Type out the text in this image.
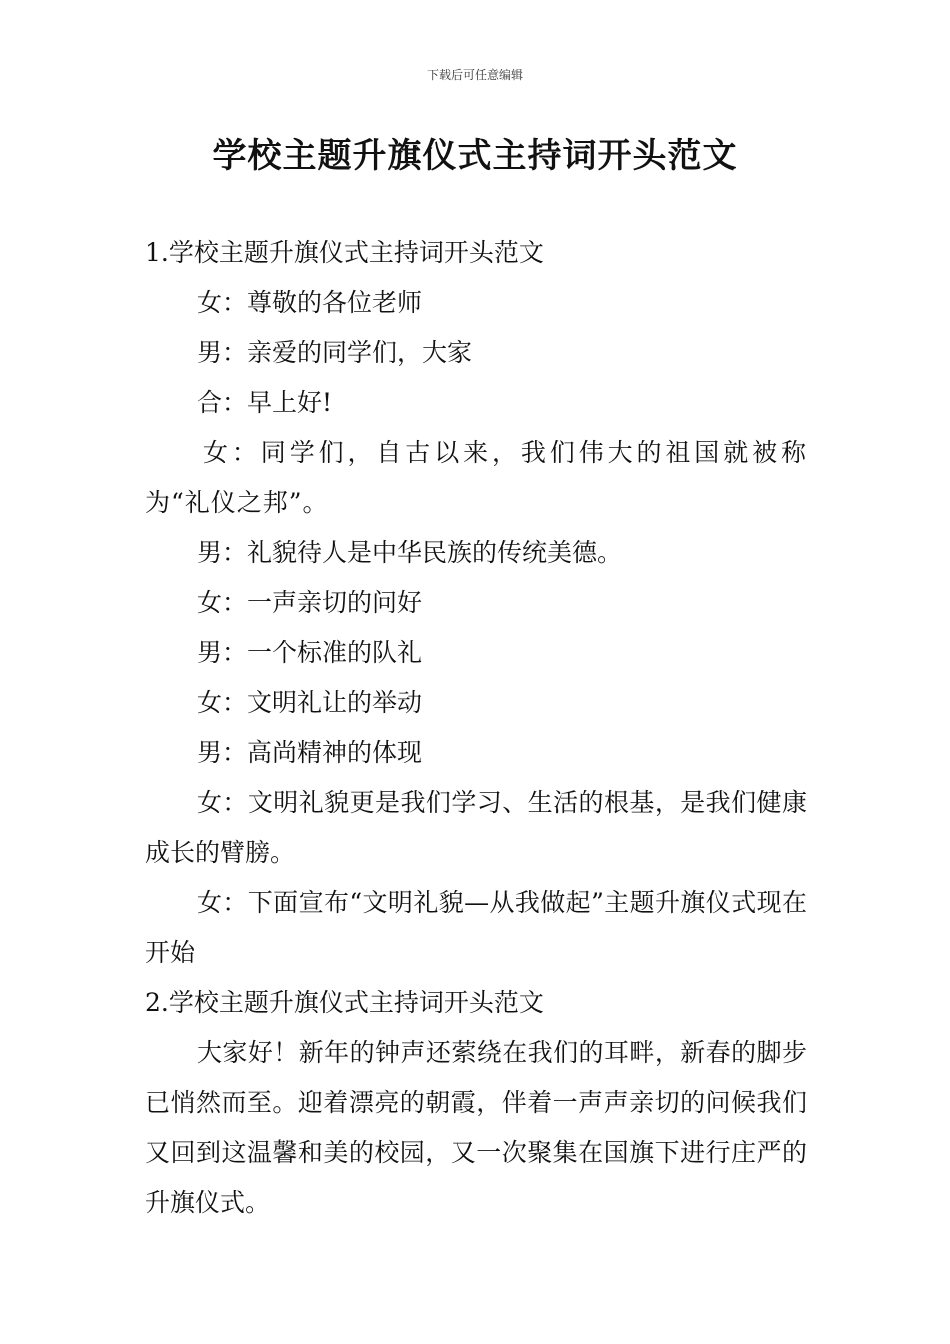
下载后可任意编辑
学校主题升旗仪式主持词开头范文

1.学校主题升旗仪式主持词开头范文

女：尊敬的各位老师

男：亲爱的同学们，大家

合：早上好!

女：同学们，自古以来，我们伟大的祖国就被称为“礼仪之邦”。

男：礼貌待人是中华民族的传统美德。

女：一声亲切的问好

男：一个标准的队礼

女：文明礼让的举动

男：高尚精神的体现

女：文明礼貌更是我们学习、生活的根基，是我们健康成长的臂膀。

女：下面宣布“文明礼貌—从我做起”主题升旗仪式现在开始

2.学校主题升旗仪式主持词开头范文

大家好！新年的钟声还萦绕在我们的耳畔，新春的脚步已悄然而至。迎着漂亮的朝霞，伴着一声声亲切的问候我们又回到这温馨和美的校园，又一次聚集在国旗下进行庄严的升旗仪式。
